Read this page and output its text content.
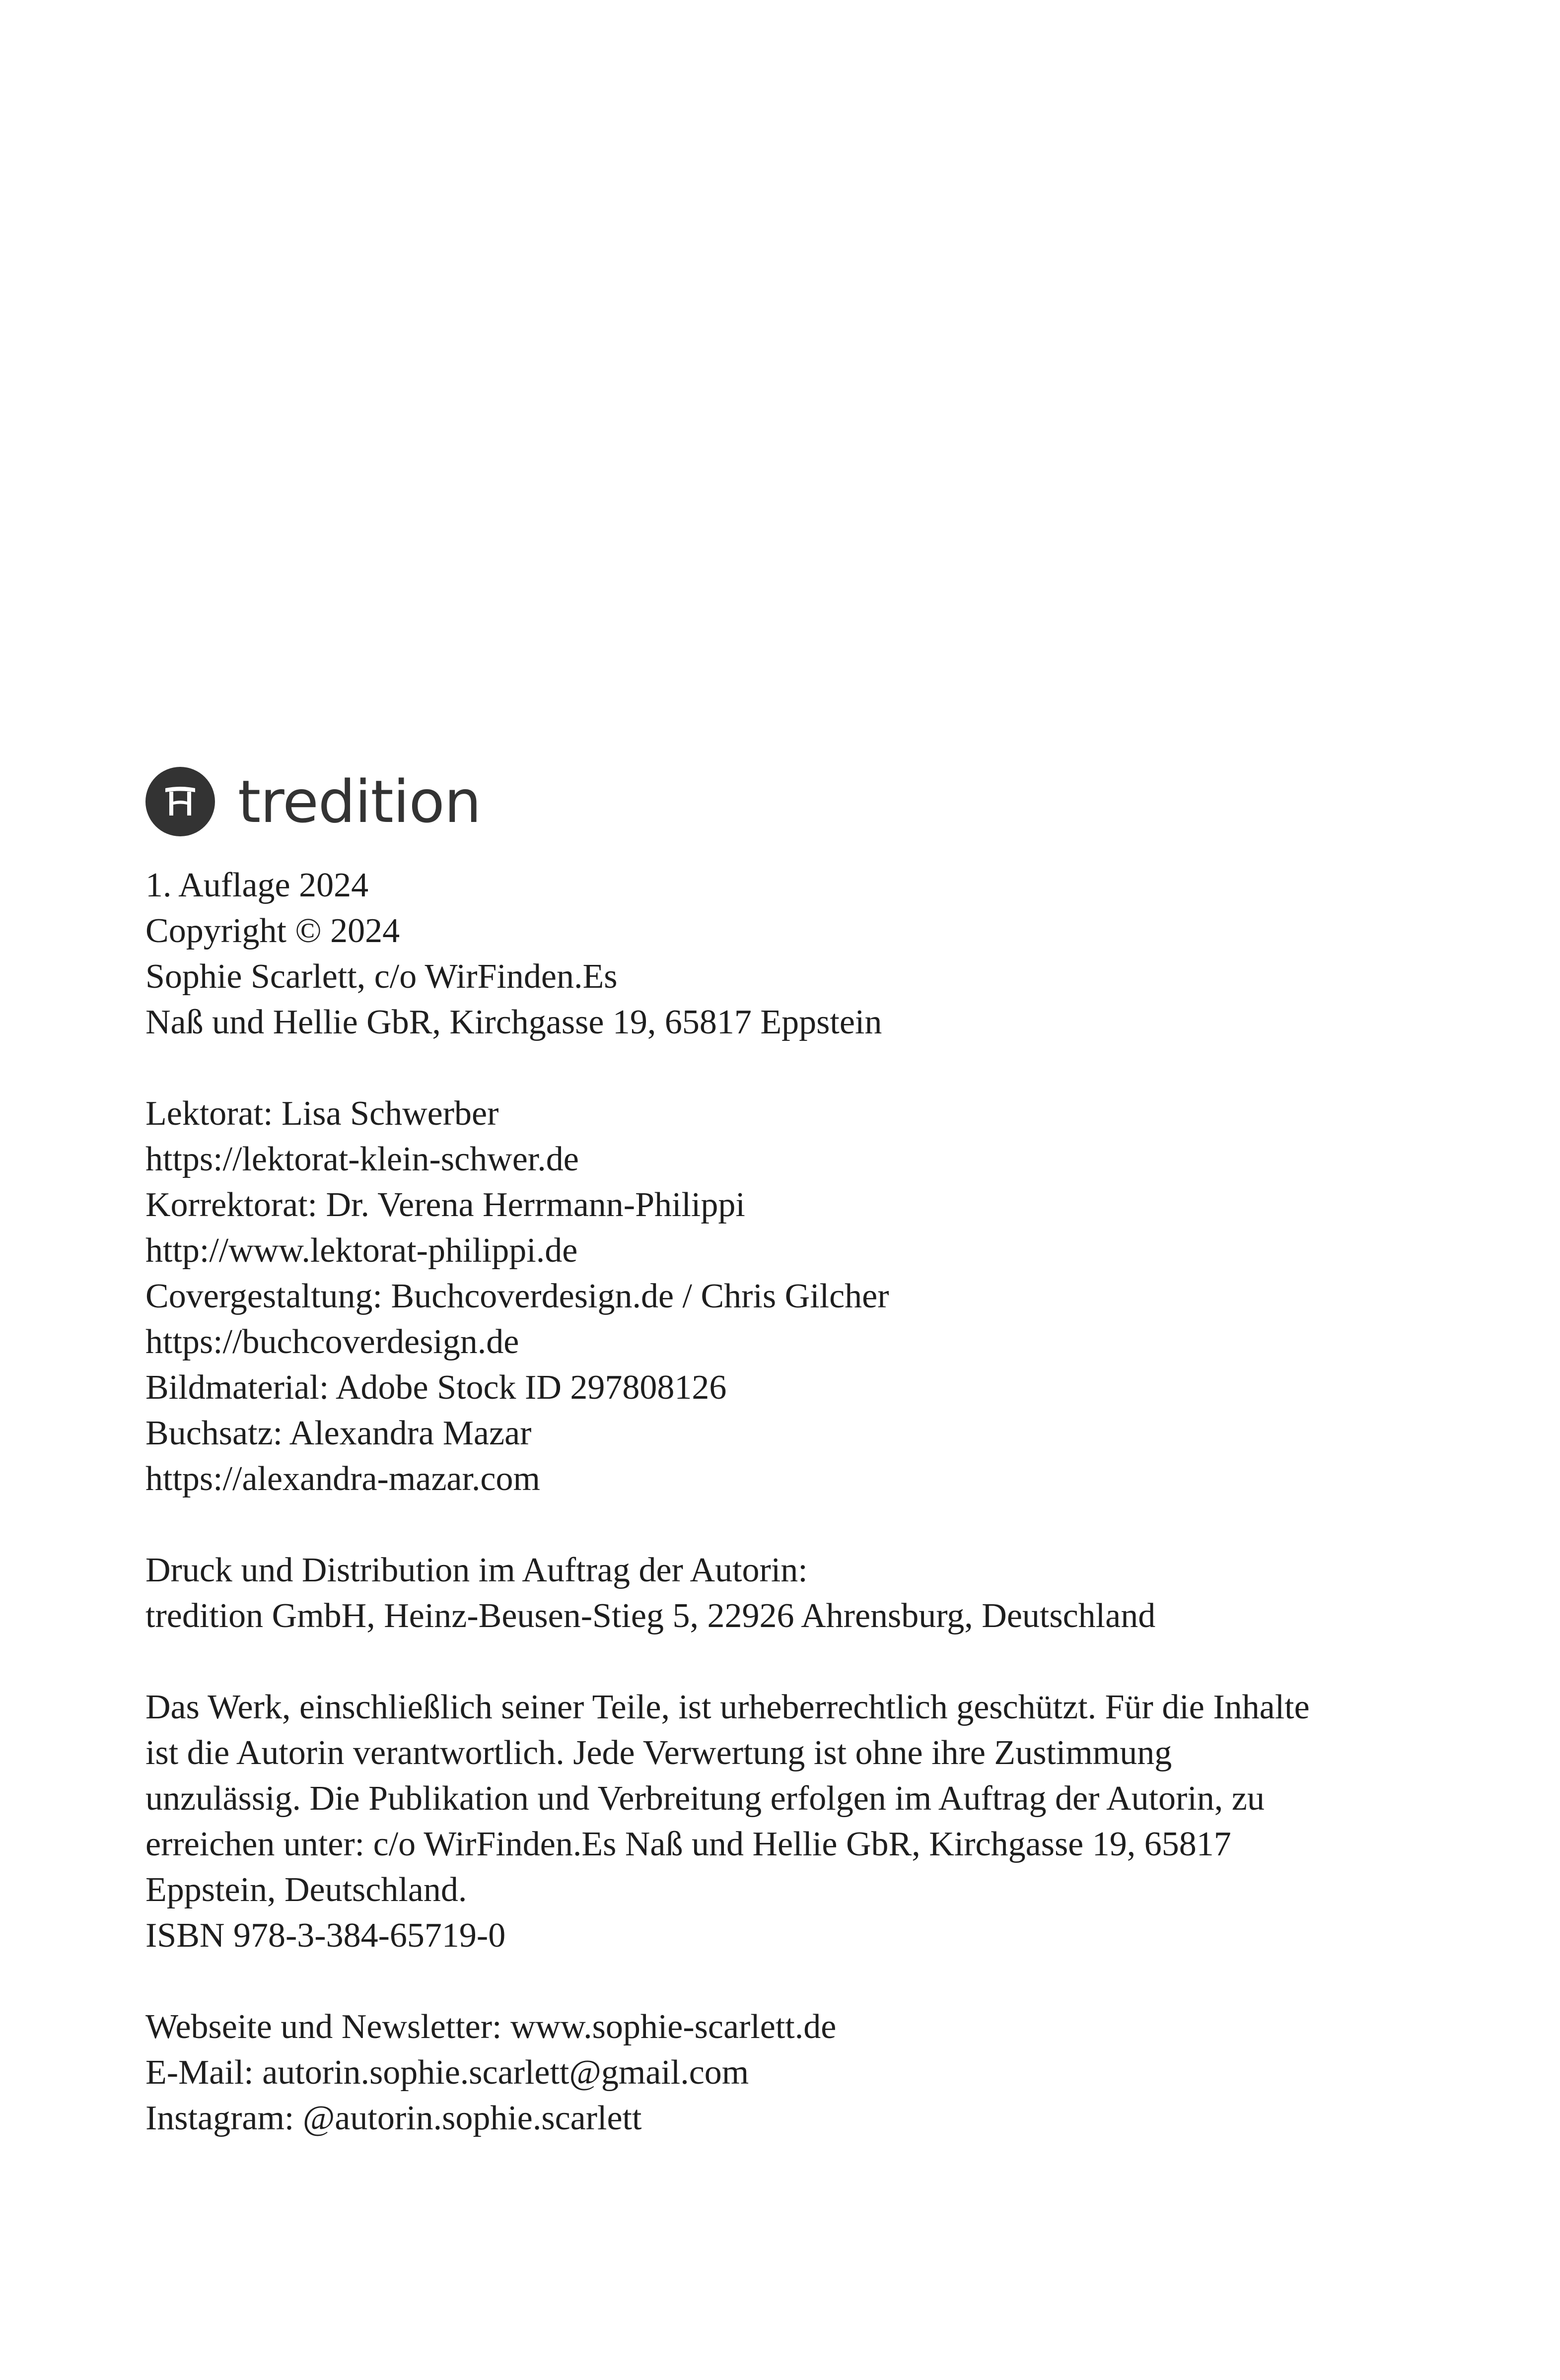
tredition
1. Auflage 2024
Copyright © 2024
Sophie Scarlett, c/o WirFinden.Es
Naß und Hellie GbR, Kirchgasse 19, 65817 Eppstein
Lektorat: Lisa Schwerber
https://lektorat-klein-schwer.de
Korrektorat: Dr. Verena Herrmann-Philippi
http://www.lektorat-philippi.de
Covergestaltung: Buchcoverdesign.de / Chris Gilcher
https://buchcoverdesign.de
Bildmaterial: Adobe Stock ID 297808126
Buchsatz: Alexandra Mazar
https://alexandra-mazar.com
Druck und Distribution im Auftrag der Autorin:
tredition GmbH, Heinz-Beusen-Stieg 5, 22926 Ahrensburg, Deutschland
Das Werk, einschließlich seiner Teile, ist urheberrechtlich geschützt. Für die Inhalte
ist die Autorin verantwortlich. Jede Verwertung ist ohne ihre Zustimmung
unzulässig. Die Publikation und Verbreitung erfolgen im Auftrag der Autorin, zu
erreichen unter: c/o WirFinden.Es Naß und Hellie GbR, Kirchgasse 19, 65817
Eppstein, Deutschland.
ISBN 978-3-384-65719-0
Webseite und Newsletter: www.sophie-scarlett.de
E-Mail: autorin.sophie.scarlett@gmail.com
Instagram: @autorin.sophie.scarlett
